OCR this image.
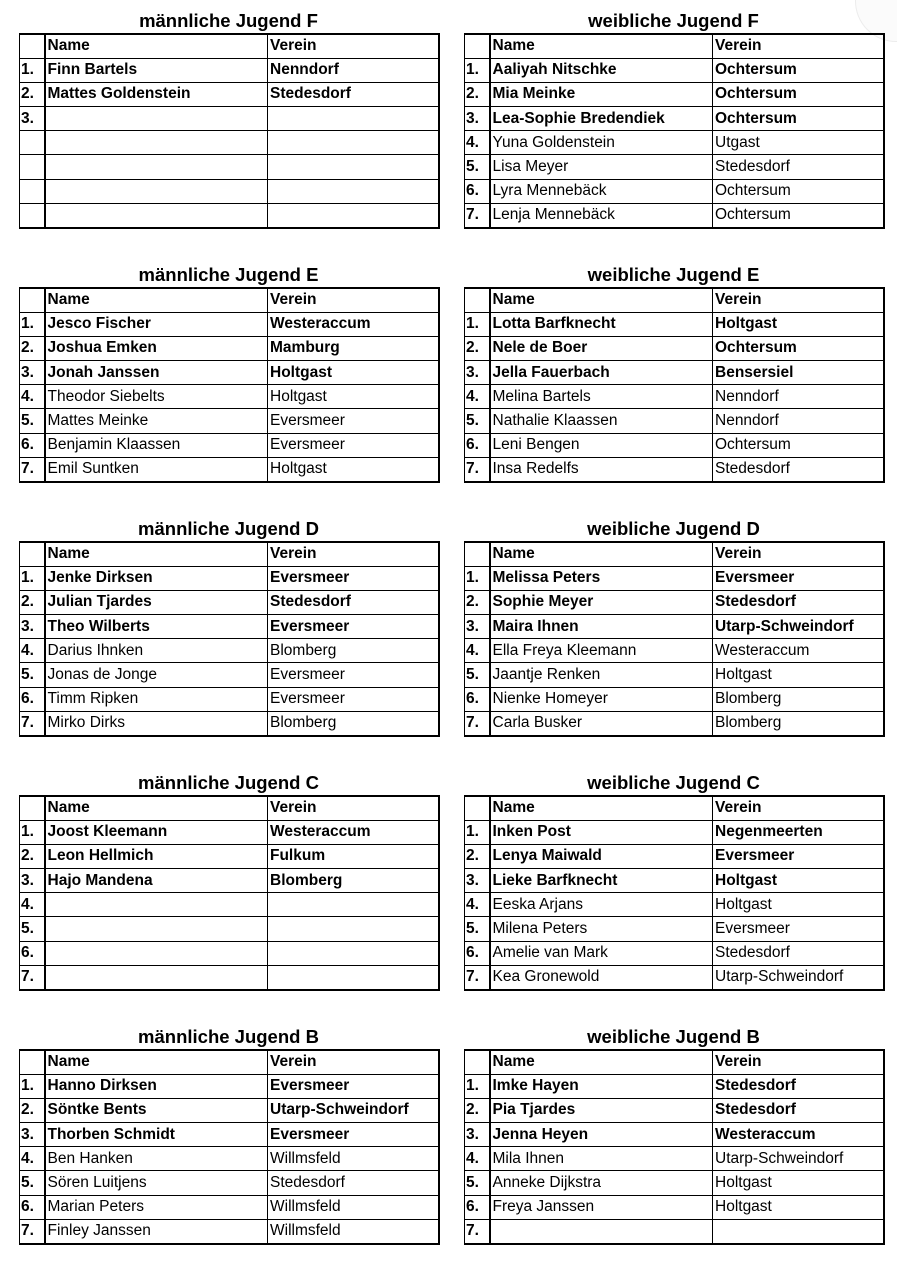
männliche Jugend F
	Name	Verein
1.	Finn Bartels	Nenndorf
2.	Mattes Goldenstein	Stedesdorf
3.		

weibliche Jugend F
	Name	Verein
1.	Aaliyah Nitschke	Ochtersum
2.	Mia Meinke	Ochtersum
3.	Lea-Sophie Bredendiek	Ochtersum
4.	Yuna Goldenstein	Utgast
5.	Lisa Meyer	Stedesdorf
6.	Lyra Mennebäck	Ochtersum
7.	Lenja Mennebäck	Ochtersum
männliche Jugend E
	Name	Verein
1.	Jesco Fischer	Westeraccum
2.	Joshua Emken	Mamburg
3.	Jonah Janssen	Holtgast
4.	Theodor Siebelts	Holtgast
5.	Mattes Meinke	Eversmeer
6.	Benjamin Klaassen	Eversmeer
7.	Emil Suntken	Holtgast
weibliche Jugend E
	Name	Verein
1.	Lotta Barfknecht	Holtgast
2.	Nele de Boer	Ochtersum
3.	Jella Fauerbach	Bensersiel
4.	Melina Bartels	Nenndorf
5.	Nathalie Klaassen	Nenndorf
6.	Leni Bengen	Ochtersum
7.	Insa Redelfs	Stedesdorf
männliche Jugend D
	Name	Verein
1.	Jenke Dirksen	Eversmeer
2.	Julian Tjardes	Stedesdorf
3.	Theo Wilberts	Eversmeer
4.	Darius Ihnken	Blomberg
5.	Jonas de Jonge	Eversmeer
6.	Timm Ripken	Eversmeer
7.	Mirko Dirks	Blomberg
weibliche Jugend D
	Name	Verein
1.	Melissa Peters	Eversmeer
2.	Sophie Meyer	Stedesdorf
3.	Maira Ihnen	Utarp-Schweindorf
4.	Ella Freya Kleemann	Westeraccum
5.	Jaantje Renken	Holtgast
6.	Nienke Homeyer	Blomberg
7.	Carla Busker	Blomberg
männliche Jugend C
	Name	Verein
1.	Joost Kleemann	Westeraccum
2.	Leon Hellmich	Fulkum
3.	Hajo Mandena	Blomberg
4.		
5.		
6.		
7.		
weibliche Jugend C
	Name	Verein
1.	Inken Post	Negenmeerten
2.	Lenya Maiwald	Eversmeer
3.	Lieke Barfknecht	Holtgast
4.	Eeska Arjans	Holtgast
5.	Milena Peters	Eversmeer
6.	Amelie van Mark	Stedesdorf
7.	Kea Gronewold	Utarp-Schweindorf
männliche Jugend B
	Name	Verein
1.	Hanno Dirksen	Eversmeer
2.	Söntke Bents	Utarp-Schweindorf
3.	Thorben Schmidt	Eversmeer
4.	Ben Hanken	Willmsfeld
5.	Sören Luitjens	Stedesdorf
6.	Marian Peters	Willmsfeld
7.	Finley Janssen	Willmsfeld
weibliche Jugend B
	Name	Verein
1.	Imke Hayen	Stedesdorf
2.	Pia Tjardes	Stedesdorf
3.	Jenna Heyen	Westeraccum
4.	Mila Ihnen	Utarp-Schweindorf
5.	Anneke Dijkstra	Holtgast
6.	Freya Janssen	Holtgast
7.		
